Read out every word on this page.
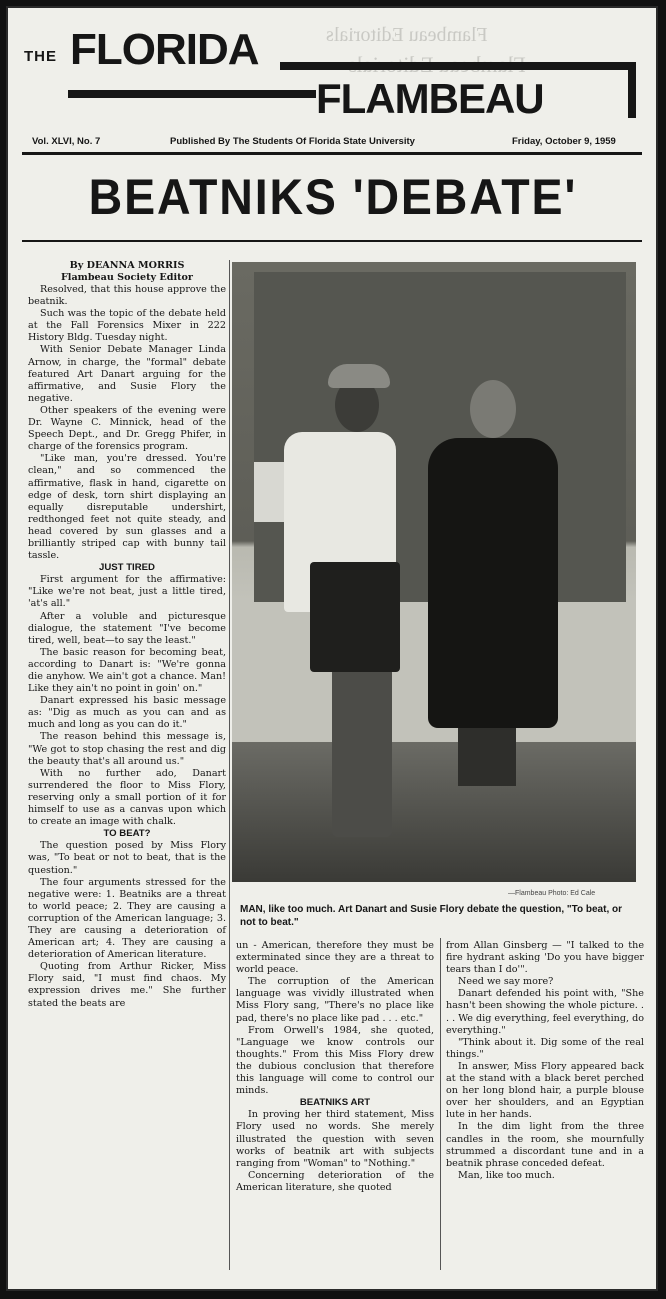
Flambeau Editorials
THE FLORIDA
FLAMBEAU
Vol. XLVI, No. 7	Published By The Students Of Florida State University	Friday, October 9, 1959
BEATNIKS 'DEBATE'
By DEANNA MORRIS
Flambeau Society Editor

Resolved, that this house approve the beatnik.

Such was the topic of the debate held at the Fall Forensics Mixer in 222 History Bldg. Tuesday night.

With Senior Debate Manager Linda Arnow, in charge, the "formal" debate featured Art Danart arguing for the affirmative, and Susie Flory the negative.

Other speakers of the evening were Dr. Wayne C. Minnick, head of the Speech Dept., and Dr. Gregg Phifer, in charge of the forensics program.

"Like man, you're dressed. You're clean," and so commenced the affirmative, flask in hand, cigarette on edge of desk, torn shirt displaying an equally disreputable undershirt, redthonged feet not quite steady, and head covered by sun glasses and a brilliantly striped cap with bunny tail tassle.

JUST TIRED

First argument for the affirmative: "Like we're not beat, just a little tired, 'at's all."

After a voluble and picturesque dialogue, the statement "I've become tired, well, beat—to say the least."

The basic reason for becoming beat, according to Danart is: "We're gonna die anyhow. We ain't got a chance. Man! Like they ain't no point in goin' on."

Danart expressed his basic message as: "Dig as much as you can and as much and long as you can do it."

The reason behind this message is, "We got to stop chasing the rest and dig the beauty that's all around us."

With no further ado, Danart surrendered the floor to Miss Flory, reserving only a small portion of it for himself to use as a canvas upon which to create an image with chalk.

TO BEAT?

The question posed by Miss Flory was, "To beat or not to beat, that is the question."

The four arguments stressed for the negative were: 1. Beatniks are a threat to world peace; 2. They are causing a corruption of the American language; 3. They are causing a deterioration of American art; 4. They are causing a deterioration of American literature.

Quoting from Arthur Ricker, Miss Flory said, "I must find chaos. My expression drives me." She further stated the beats are

—Flambeau Photo: Ed Cale
MAN, like too much. Art Danart and Susie Flory debate the question, "To beat, or not to beat."

un - American, therefore they must be exterminated since they are a threat to world peace.

The corruption of the American language was vividly illustrated when Miss Flory sang, "There's no place like pad, there's no place like pad . . . etc."

From Orwell's 1984, she quoted, "Language we know controls our thoughts." From this Miss Flory drew the dubious conclusion that therefore this language will come to control our minds.

BEATNIKS ART

In proving her third statement, Miss Flory used no words. She merely illustrated the question with seven works of beatnik art with subjects ranging from "Woman" to "Nothing."

Concerning deterioration of the American literature, she quoted

from Allan Ginsberg — "I talked to the fire hydrant asking 'Do you have bigger tears than I do'".

Need we say more?

Danart defended his point with, "She hasn't been showing the whole picture. . . . We dig everything, feel everything, do everything."

"Think about it. Dig some of the real things."

In answer, Miss Flory appeared back at the stand with a black beret perched on her long blond hair, a purple blouse over her shoulders, and an Egyptian lute in her hands.

In the dim light from the three candles in the room, she mournfully strummed a discordant tune and in a beatnik phrase conceded defeat.

Man, like too much.
